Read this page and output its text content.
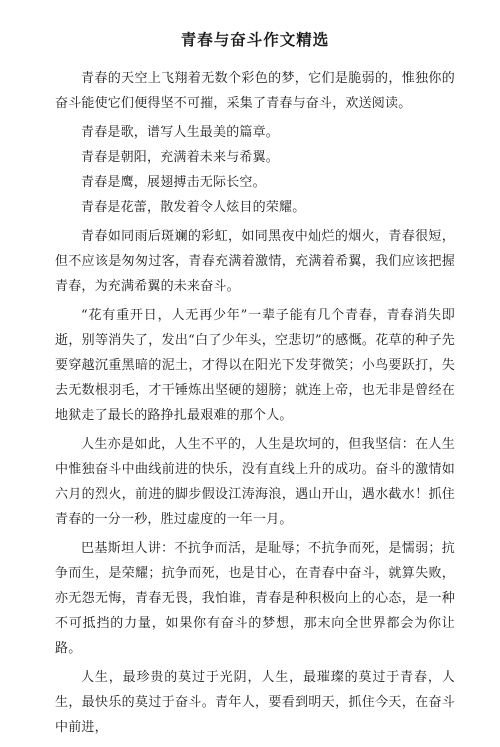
青春与奋斗作文精选

青春的天空上飞翔着无数个彩色的梦，它们是脆弱的，惟独你的奋斗能使它们便得坚不可摧，采集了青春与奋斗，欢送阅读。

青春是歌，谱写人生最美的篇章。

青春是朝阳，充满着未来与希翼。

青春是鹰，展翅搏击无际长空。

青春是花蕾，散发着令人炫目的荣耀。

青春如同雨后斑斓的彩虹，如同黑夜中灿烂的烟火，青春很短，但不应该是匆匆过客，青春充满着激情，充满着希翼，我们应该把握青春，为充满希翼的未来奋斗。

“花有重开日，人无再少年”一辈子能有几个青春，青春消失即逝，别等消失了，发出“白了少年头，空悲切”的感慨。花草的种子先要穿越沉重黑暗的泥土，才得以在阳光下发芽微笑；小鸟要跃打，失去无数根羽毛，才干锤炼出坚硬的翅膀；就连上帝，也无非是曾经在地狱走了最长的路挣扎最艰难的那个人。

人生亦是如此，人生不平的，人生是坎坷的，但我坚信：在人生中惟独奋斗中曲线前进的快乐，没有直线上升的成功。奋斗的激情如六月的烈火，前进的脚步假设江涛海浪，遇山开山，遇水截水！抓住青春的一分一秒，胜过虚度的一年一月。

巴基斯坦人讲：不抗争而活，是耻辱；不抗争而死，是懦弱；抗争而生，是荣耀；抗争而死，也是甘心，在青春中奋斗，就算失败，亦无怨无悔，青春无畏，我怕谁，青春是种积极向上的心态，是一种不可抵挡的力量，如果你有奋斗的梦想，那末向全世界都会为你让路。

人生，最珍贵的莫过于光阴，人生，最璀璨的莫过于青春，人生，最快乐的莫过于奋斗。青年人，要看到明天，抓住今天，在奋斗中前进，
